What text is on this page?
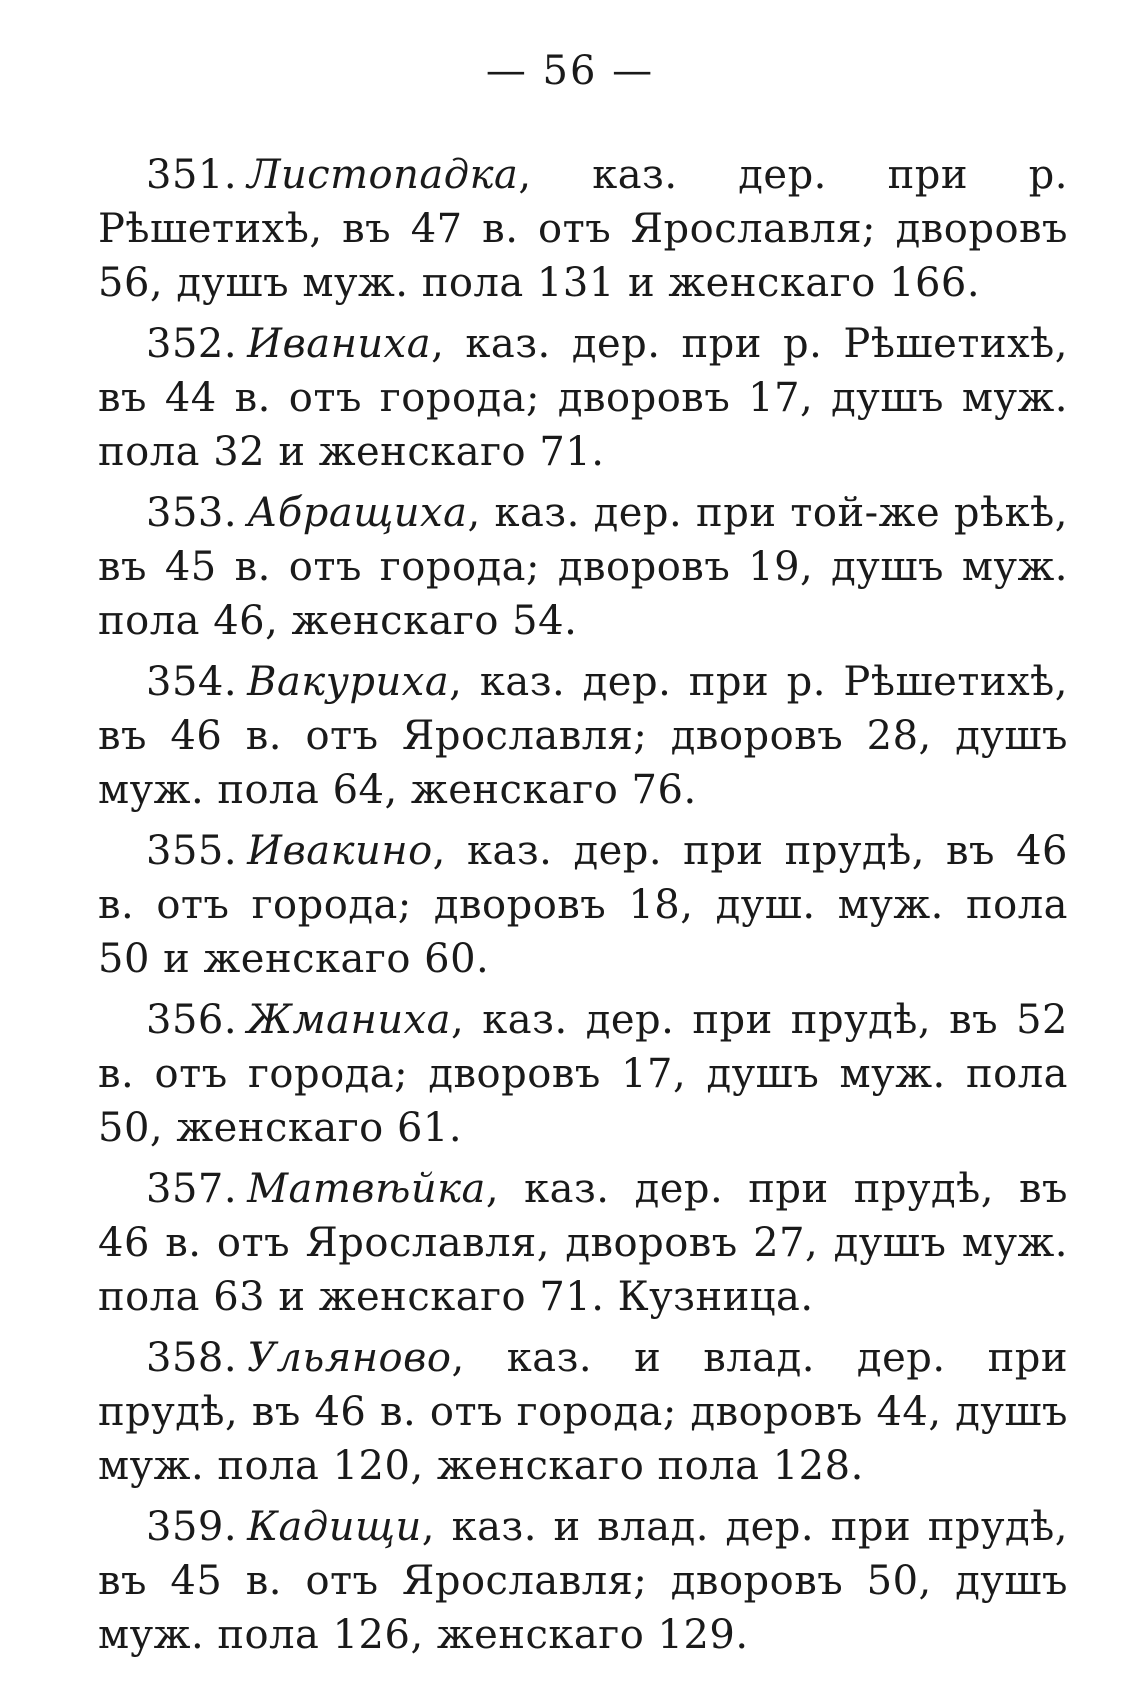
— 56 —
351. Листопадка, каз. дер. при р. Рѣшетихѣ, въ 47 в. отъ Ярославля; дворовъ 56, душъ муж. пола 131 и женскаго 166.
352. Иваниха, каз. дер. при р. Рѣшетихѣ, въ 44 в. отъ города; дворовъ 17, душъ муж. пола 32 и женскаго 71.
353. Абращиха, каз. дер. при той-же рѣкѣ, въ 45 в. отъ города; дворовъ 19, душъ муж. пола 46, женскаго 54.
354. Вакуриха, каз. дер. при р. Рѣшетихѣ, въ 46 в. отъ Ярославля; дворовъ 28, душъ муж. пола 64, женскаго 76.
355. Ивакино, каз. дер. при прудѣ, въ 46 в. отъ города; дворовъ 18, душ. муж. пола 50 и женскаго 60.
356. Жманиха, каз. дер. при прудѣ, въ 52 в. отъ города; дворовъ 17, душъ муж. пола 50, женскаго 61.
357. Матвѣйка, каз. дер. при прудѣ, въ 46 в. отъ Ярославля, дворовъ 27, душъ муж. пола 63 и женскаго 71. Кузница.
358. Ульяново, каз. и влад. дер. при прудѣ, въ 46 в. отъ города; дворовъ 44, душъ муж. пола 120, женскаго пола 128.
359. Кадищи, каз. и влад. дер. при прудѣ, въ 45 в. отъ Ярославля; дворовъ 50, душъ муж. пола 126, женскаго 129.
